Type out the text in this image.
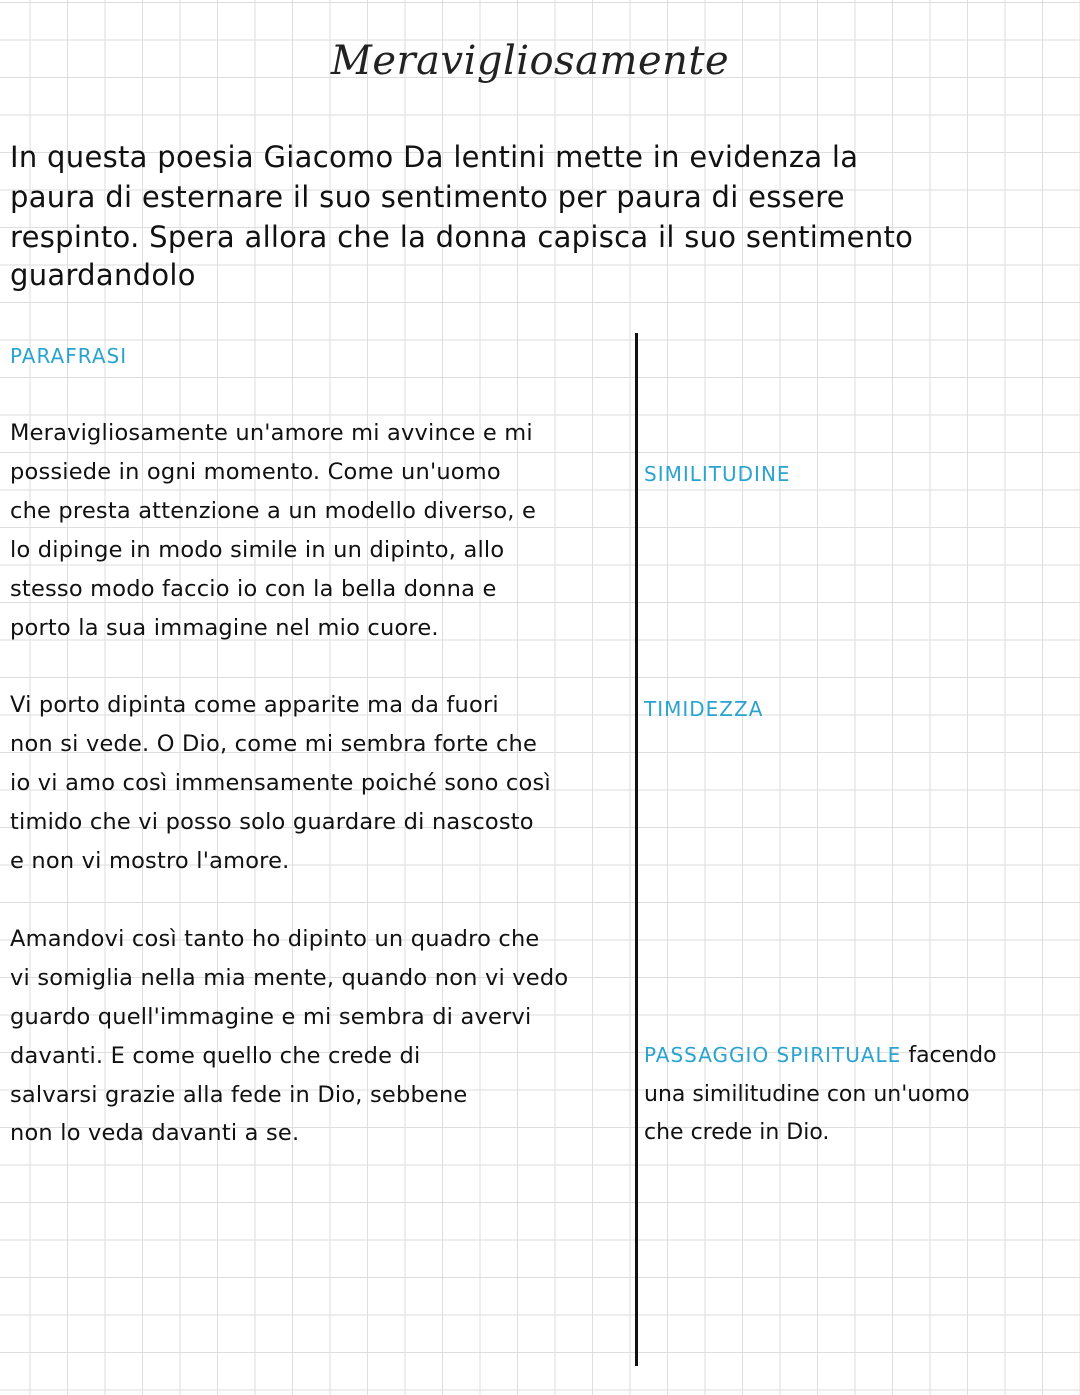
Meravigliosamente
In questa poesia Giacomo Da lentini mette in evidenza la
paura di esternare il suo sentimento per paura di essere
respinto. Spera allora che la donna capisca il suo sentimento
guardandolo
PARAFRASI
Meravigliosamente un'amore mi avvince e mi
possiede in ogni momento. Come un'uomo
che presta attenzione a un modello diverso, e
lo dipinge in modo simile in un dipinto, allo
stesso modo faccio io con la bella donna e
porto la sua immagine nel mio cuore.
Vi porto dipinta come apparite ma da fuori
non si vede. O Dio, come mi sembra forte che
io vi amo così immensamente poiché sono così
timido che vi posso solo guardare di nascosto
e non vi mostro l'amore.
Amandovi così tanto ho dipinto un quadro che
vi somiglia nella mia mente, quando non vi vedo
guardo quell'immagine e mi sembra di avervi
davanti. E come quello che crede di
salvarsi grazie alla fede in Dio, sebbene
non lo veda davanti a se.
SIMILITUDINE
TIMIDEZZA
PASSAGGIO SPIRITUALE facendo
una similitudine con un'uomo
che crede in Dio.
